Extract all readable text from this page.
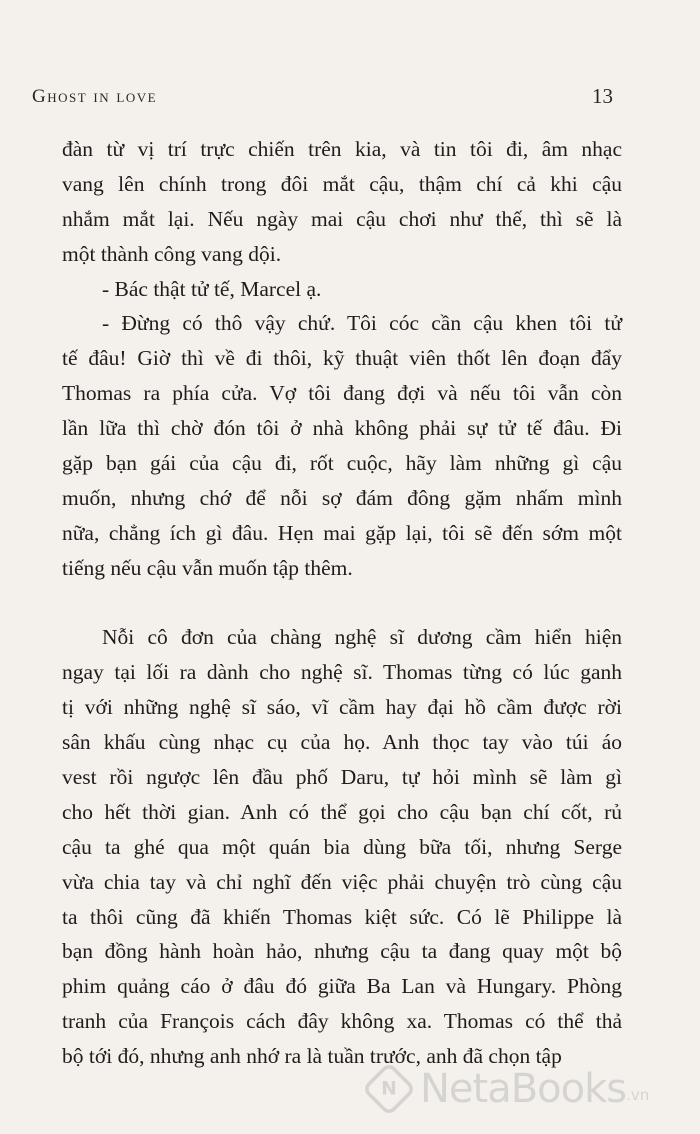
Ghost in love	13
đàn từ vị trí trực chiến trên kia, và tin tôi đi, âm nhạc
vang lên chính trong đôi mắt cậu, thậm chí cả khi cậu
nhắm mắt lại. Nếu ngày mai cậu chơi như thế, thì sẽ là
một thành công vang dội.
- Bác thật tử tế, Marcel ạ.
- Đừng có thô vậy chứ. Tôi cóc cần cậu khen tôi tử
tế đâu! Giờ thì về đi thôi, kỹ thuật viên thốt lên đoạn đẩy
Thomas ra phía cửa. Vợ tôi đang đợi và nếu tôi vẫn còn
lần lữa thì chờ đón tôi ở nhà không phải sự tử tế đâu. Đi
gặp bạn gái của cậu đi, rốt cuộc, hãy làm những gì cậu
muốn, nhưng chớ để nỗi sợ đám đông gặm nhấm mình
nữa, chẳng ích gì đâu. Hẹn mai gặp lại, tôi sẽ đến sớm một
tiếng nếu cậu vẫn muốn tập thêm.
Nỗi cô đơn của chàng nghệ sĩ dương cầm hiển hiện
ngay tại lối ra dành cho nghệ sĩ. Thomas từng có lúc ganh
tị với những nghệ sĩ sáo, vĩ cầm hay đại hồ cầm được rời
sân khấu cùng nhạc cụ của họ. Anh thọc tay vào túi áo
vest rồi ngược lên đầu phố Daru, tự hỏi mình sẽ làm gì
cho hết thời gian. Anh có thể gọi cho cậu bạn chí cốt, rủ
cậu ta ghé qua một quán bia dùng bữa tối, nhưng Serge
vừa chia tay và chỉ nghĩ đến việc phải chuyện trò cùng cậu
ta thôi cũng đã khiến Thomas kiệt sức. Có lẽ Philippe là
bạn đồng hành hoàn hảo, nhưng cậu ta đang quay một bộ
phim quảng cáo ở đâu đó giữa Ba Lan và Hungary. Phòng
tranh của François cách đây không xa. Thomas có thể thả
bộ tới đó, nhưng anh nhớ ra là tuần trước, anh đã chọn tập
N NetaBooks .vn
